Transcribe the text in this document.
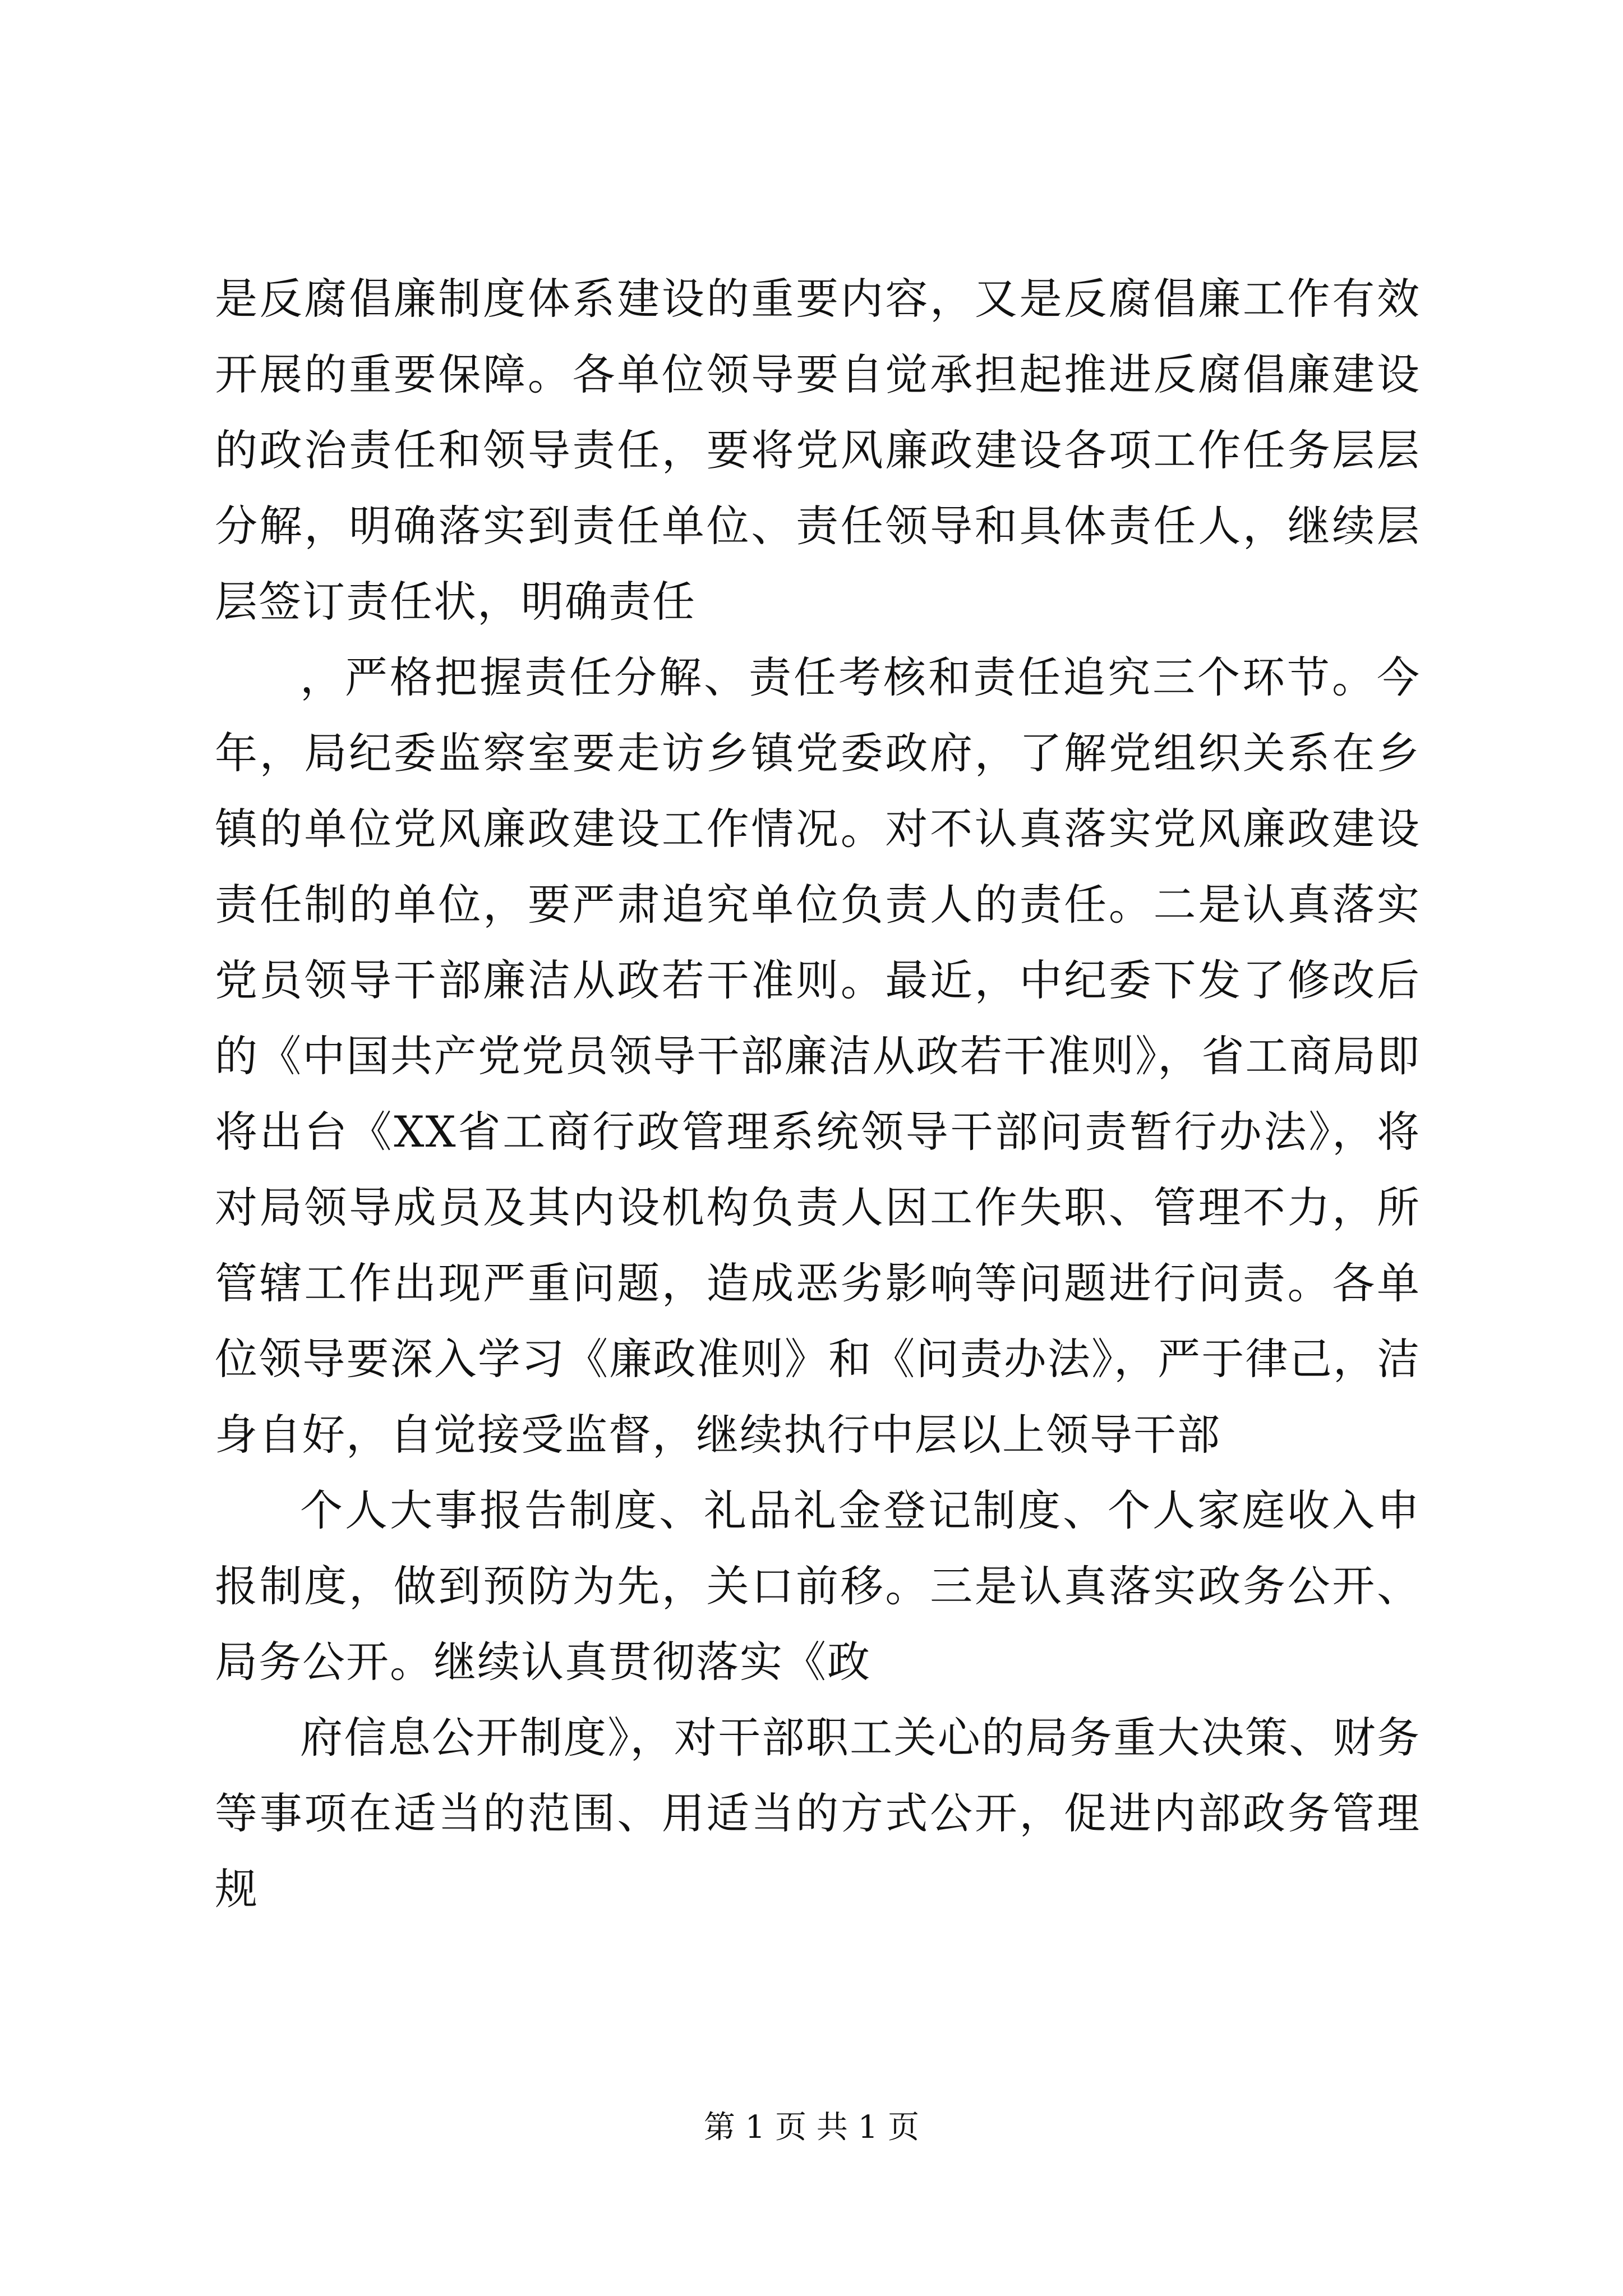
是反腐倡廉制度体系建设的重要内容，又是反腐倡廉工作有效开展的重要保障。各单位领导要自觉承担起推进反腐倡廉建设的政治责任和领导责任，要将党风廉政建设各项工作任务层层分解，明确落实到责任单位、责任领导和具体责任人，继续层层签订责任状，明确责任

，严格把握责任分解、责任考核和责任追究三个环节。今年，局纪委监察室要走访乡镇党委政府，了解党组织关系在乡镇的单位党风廉政建设工作情况。对不认真落实党风廉政建设责任制的单位，要严肃追究单位负责人的责任。二是认真落实党员领导干部廉洁从政若干准则。最近，中纪委下发了修改后的《中国共产党党员领导干部廉洁从政若干准则》，省工商局即将出台《XX省工商行政管理系统领导干部问责暂行办法》，将对局领导成员及其内设机构负责人因工作失职、管理不力，所管辖工作出现严重问题，造成恶劣影响等问题进行问责。各单位领导要深入学习《廉政准则》和《问责办法》，严于律己，洁身自好，自觉接受监督，继续执行中层以上领导干部

个人大事报告制度、礼品礼金登记制度、个人家庭收入申报制度，做到预防为先，关口前移。三是认真落实政务公开、局务公开。继续认真贯彻落实《政

府信息公开制度》，对干部职工关心的局务重大决策、财务等事项在适当的范围、用适当的方式公开，促进内部政务管理规

第 1 页 共 1 页
